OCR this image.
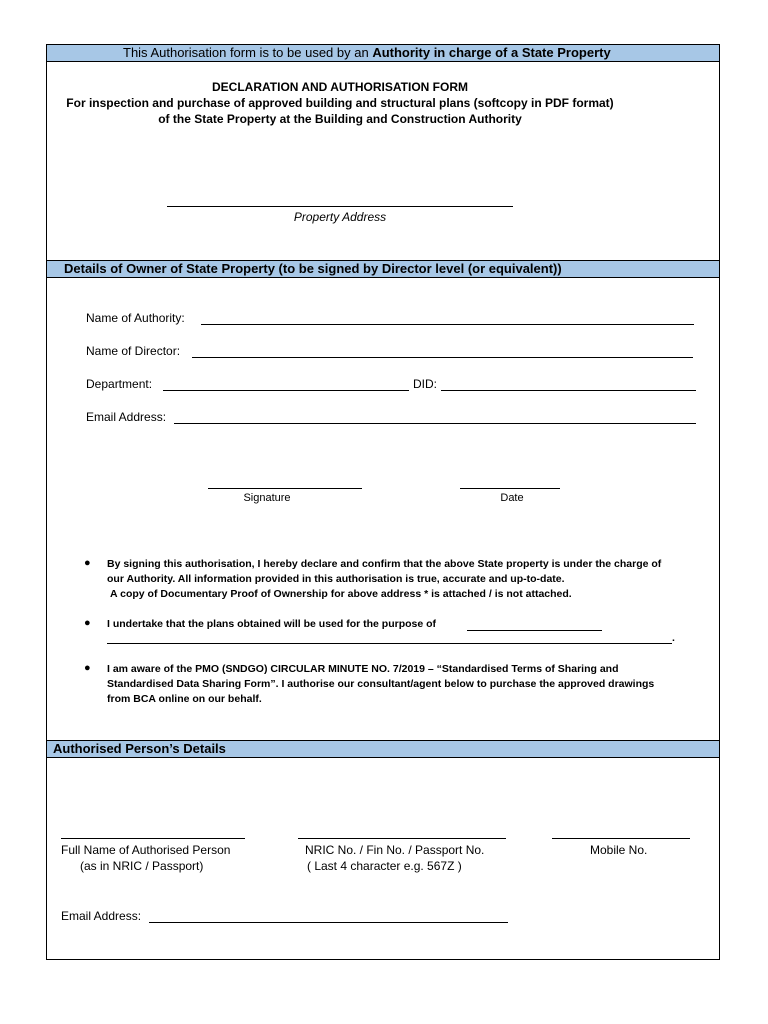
This Authorisation form is to be used by an Authority in charge of a State Property
DECLARATION AND AUTHORISATION FORM
For inspection and purchase of approved building and structural plans (softcopy in PDF format)
of the State Property at the Building and Construction Authority
Property Address
Details of Owner of State Property (to be signed by Director level (or equivalent))
Name of Authority:
Name of Director:
Department:	DID:
Email Address:
Signature	Date
● By signing this authorisation, I hereby declare and confirm that the above State property is under the charge of
our Authority. All information provided in this authorisation is true, accurate and up-to-date.
A copy of Documentary Proof of Ownership for above address * is attached / is not attached.
● I undertake that the plans obtained will be used for the purpose of
.
● I am aware of the PMO (SNDGO) CIRCULAR MINUTE NO. 7/2019 – “Standardised Terms of Sharing and
Standardised Data Sharing Form”. I authorise our consultant/agent below to purchase the approved drawings
from BCA online on our behalf.
Authorised Person’s Details
Full Name of Authorised Person
(as in NRIC / Passport)
NRIC No. / Fin No. / Passport No.
( Last 4 character e.g. 567Z )
Mobile No.
Email Address:
